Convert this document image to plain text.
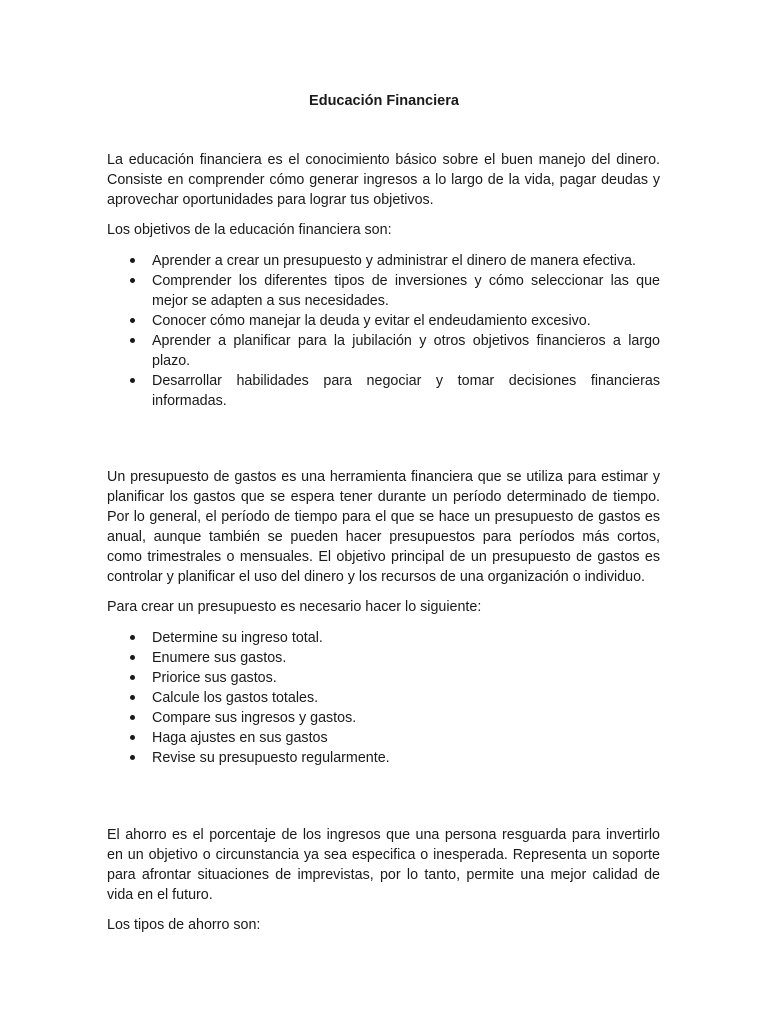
Educación Financiera

La educación financiera es el conocimiento básico sobre el buen manejo del dinero. Consiste en comprender cómo generar ingresos a lo largo de la vida, pagar deudas y aprovechar oportunidades para lograr tus objetivos.

Los objetivos de la educación financiera son:

Aprender a crear un presupuesto y administrar el dinero de manera efectiva.
Comprender los diferentes tipos de inversiones y cómo seleccionar las que mejor se adapten a sus necesidades.
Conocer cómo manejar la deuda y evitar el endeudamiento excesivo.
Aprender a planificar para la jubilación y otros objetivos financieros a largo plazo.
Desarrollar habilidades para negociar y tomar decisiones financieras informadas.

Un presupuesto de gastos es una herramienta financiera que se utiliza para estimar y planificar los gastos que se espera tener durante un período determinado de tiempo. Por lo general, el período de tiempo para el que se hace un presupuesto de gastos es anual, aunque también se pueden hacer presupuestos para períodos más cortos, como trimestrales o mensuales. El objetivo principal de un presupuesto de gastos es controlar y planificar el uso del dinero y los recursos de una organización o individuo.

Para crear un presupuesto es necesario hacer lo siguiente:

Determine su ingreso total.
Enumere sus gastos.
Priorice sus gastos.
Calcule los gastos totales.
Compare sus ingresos y gastos.
Haga ajustes en sus gastos
Revise su presupuesto regularmente.

El ahorro es el porcentaje de los ingresos que una persona resguarda para invertirlo en un objetivo o circunstancia ya sea especifica o inesperada. Representa un soporte para afrontar situaciones de imprevistas, por lo tanto, permite una mejor calidad de vida en el futuro.

Los tipos de ahorro son:
